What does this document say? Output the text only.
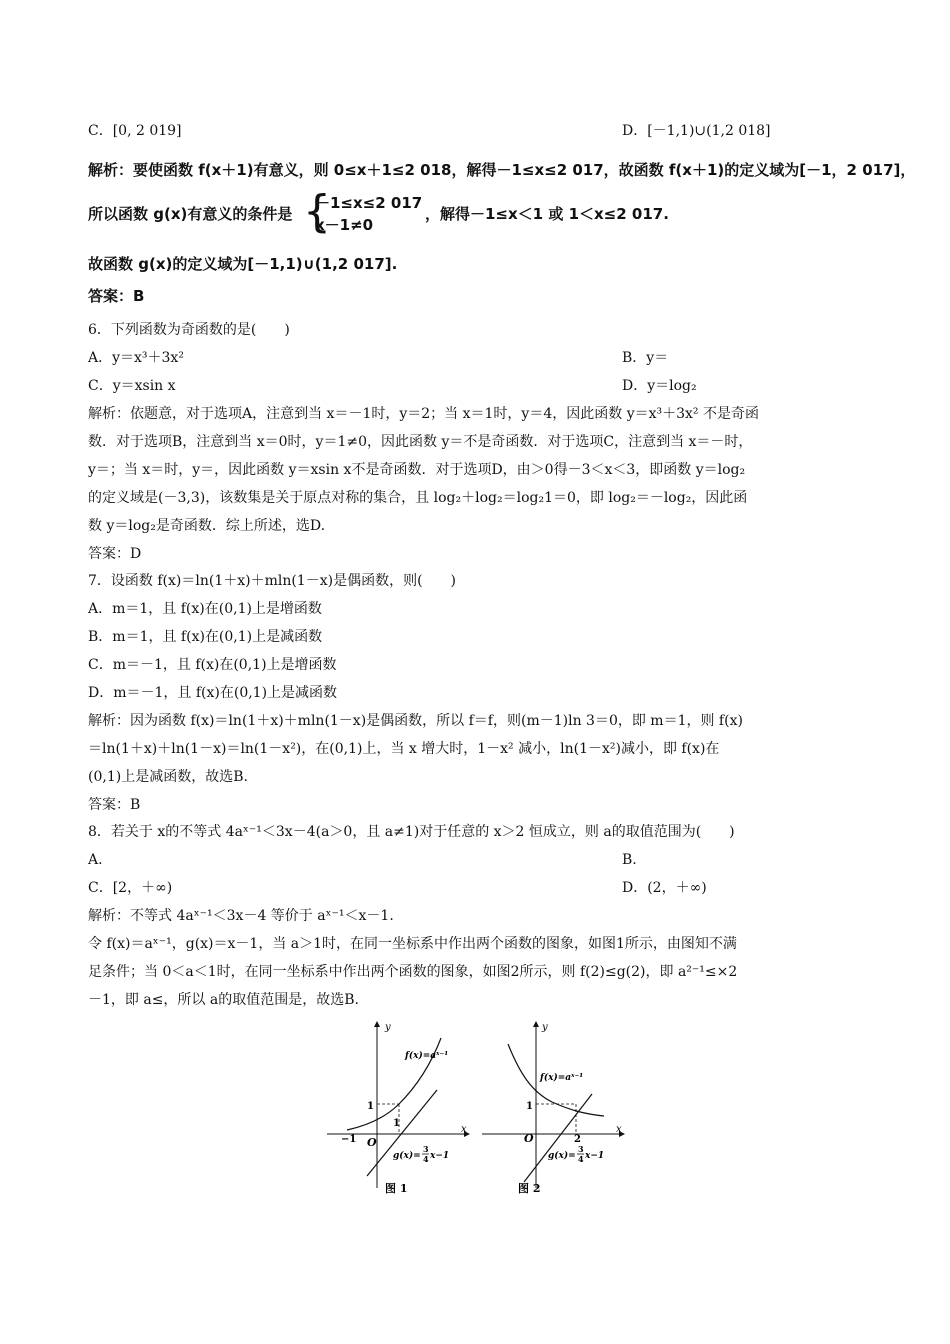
C．[0, 2 019]	D．[－1,1)∪(1,2 018]
解析：要使函数 f(x＋1)有意义，则 0≤x＋1≤2 018，解得－1≤x≤2 017，故函数 f(x＋1)的定义域为[－1，2 017]，
所以函数 g(x)有意义的条件是 {
－1≤x≤2 017
x－1≠0
，解得－1≤x＜1 或 1＜x≤2 017.
故函数 g(x)的定义域为[－1,1)∪(1,2 017].
答案：B
6．下列函数为奇函数的是(　　)
A．y＝x³＋3x²	B．y＝
C．y＝xsin x	D．y＝log₂
解析：依题意，对于选项A，注意到当 x＝－1时，y＝2；当 x＝1时，y＝4，因此函数 y＝x³＋3x² 不是奇函
数．对于选项B，注意到当 x＝0时，y＝1≠0，因此函数 y＝不是奇函数．对于选项C，注意到当 x＝－时，
y＝；当 x＝时，y＝，因此函数 y＝xsin x不是奇函数．对于选项D，由＞0得－3＜x＜3，即函数 y＝log₂
的定义域是(－3,3)，该数集是关于原点对称的集合，且 log₂＋log₂＝log₂1＝0，即 log₂＝－log₂，因此函
数 y＝log₂是奇函数．综上所述，选D.
答案：D
7．设函数 f(x)＝ln(1＋x)＋mln(1－x)是偶函数，则(　　)
A．m＝1，且 f(x)在(0,1)上是增函数
B．m＝1，且 f(x)在(0,1)上是减函数
C．m＝－1，且 f(x)在(0,1)上是增函数
D．m＝－1，且 f(x)在(0,1)上是减函数
解析：因为函数 f(x)＝ln(1＋x)＋mln(1－x)是偶函数，所以 f＝f，则(m－1)ln 3＝0，即 m＝1，则 f(x)
＝ln(1＋x)＋ln(1－x)＝ln(1－x²)，在(0,1)上，当 x 增大时，1－x² 减小，ln(1－x²)减小，即 f(x)在
(0,1)上是减函数，故选B.
答案：B
8．若关于 x的不等式 4aˣ⁻¹＜3x－4(a＞0，且 a≠1)对于任意的 x＞2 恒成立，则 a的取值范围为(　　)
A.	B.
C．[2，＋∞)	D．(2，＋∞)
解析：不等式 4aˣ⁻¹＜3x－4 等价于 aˣ⁻¹＜x－1.
令 f(x)＝aˣ⁻¹，g(x)＝x－1，当 a＞1时，在同一坐标系中作出两个函数的图象，如图1所示，由图知不满
足条件；当 0＜a＜1时，在同一坐标系中作出两个函数的图象，如图2所示，则 f(2)≤g(2)，即 a²⁻¹≤×2
－1，即 a≤，所以 a的取值范围是，故选B.
y
x
O
1
1
−1
f(x)=aˣ⁻¹
g(x)=
3
4 x−1
图 1
y
x
O
1
2
f(x)=aˣ⁻¹
g(x)=
3
4 x−1
图 2
